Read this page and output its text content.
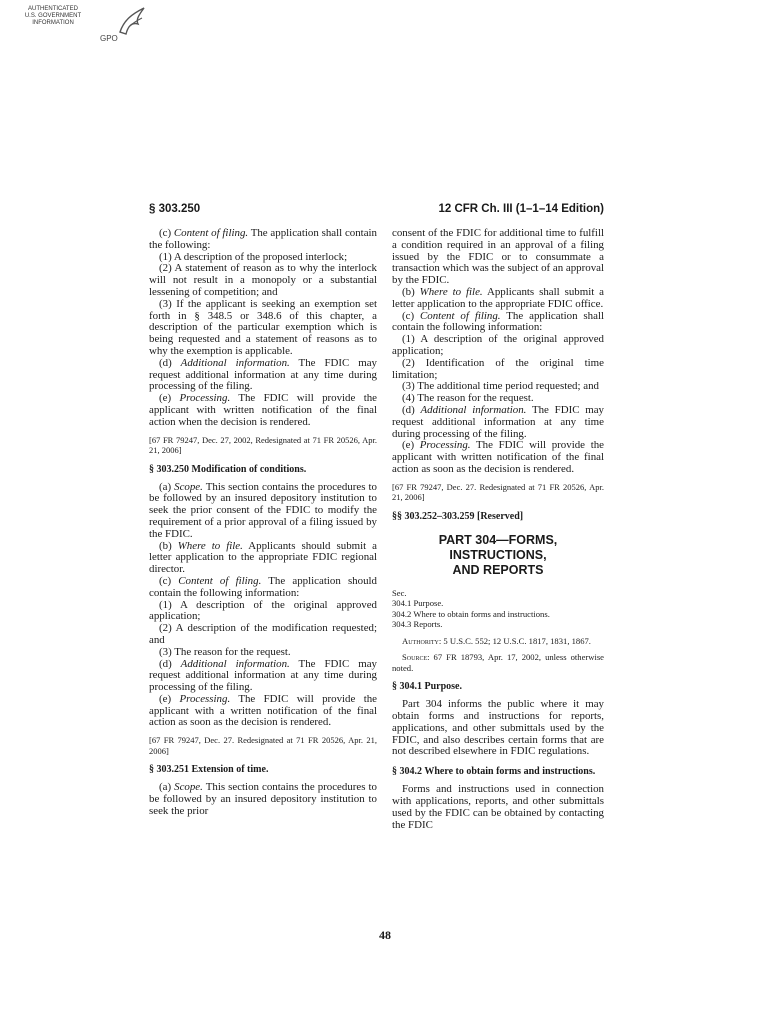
AUTHENTICATED
U.S. GOVERNMENT
INFORMATION
GPO
§ 303.250	12 CFR Ch. III (1–1–14 Edition)

(c) Content of filing. The application shall contain the following:

(1) A description of the proposed interlock;

(2) A statement of reason as to why the interlock will not result in a monopoly or a substantial lessening of competition; and

(3) If the applicant is seeking an exemption set forth in § 348.5 or 348.6 of this chapter, a description of the particular exemption which is being requested and a statement of reasons as to why the exemption is applicable.

(d) Additional information. The FDIC may request additional information at any time during processing of the filing.

(e) Processing. The FDIC will provide the applicant with written notification of the final action when the decision is rendered.

[67 FR 79247, Dec. 27, 2002, Redesignated at 71 FR 20526, Apr. 21, 2006]

§ 303.250 Modification of conditions.

(a) Scope. This section contains the procedures to be followed by an insured depository institution to seek the prior consent of the FDIC to modify the requirement of a prior approval of a filing issued by the FDIC.

(b) Where to file. Applicants should submit a letter application to the appropriate FDIC regional director.

(c) Content of filing. The application should contain the following information:

(1) A description of the original approved application;

(2) A description of the modification requested; and

(3) The reason for the request.

(d) Additional information. The FDIC may request additional information at any time during processing of the filing.

(e) Processing. The FDIC will provide the applicant with a written notification of the final action as soon as the decision is rendered.

[67 FR 79247, Dec. 27. Redesignated at 71 FR 20526, Apr. 21, 2006]

§ 303.251 Extension of time.

(a) Scope. This section contains the procedures to be followed by an insured depository institution to seek the prior

consent of the FDIC for additional time to fulfill a condition required in an approval of a filing issued by the FDIC or to consummate a transaction which was the subject of an approval by the FDIC.

(b) Where to file. Applicants shall submit a letter application to the appropriate FDIC office.

(c) Content of filing. The application shall contain the following information:

(1) A description of the original approved application;

(2) Identification of the original time limitation;

(3) The additional time period requested; and

(4) The reason for the request.

(d) Additional information. The FDIC may request additional information at any time during processing of the filing.

(e) Processing. The FDIC will provide the applicant with written notification of the final action as soon as the decision is rendered.

[67 FR 79247, Dec. 27. Redesignated at 71 FR 20526, Apr. 21, 2006]

§§ 303.252–303.259 [Reserved]

PART 304—FORMS, INSTRUCTIONS,
AND REPORTS

Sec.

304.1 Purpose.

304.2 Where to obtain forms and instructions.

304.3 Reports.

Authority: 5 U.S.C. 552; 12 U.S.C. 1817, 1831, 1867.

Source: 67 FR 18793, Apr. 17, 2002, unless otherwise noted.

§ 304.1 Purpose.

Part 304 informs the public where it may obtain forms and instructions for reports, applications, and other submittals used by the FDIC, and also describes certain forms that are not described elsewhere in FDIC regulations.

§ 304.2 Where to obtain forms and instructions.

Forms and instructions used in connection with applications, reports, and other submittals used by the FDIC can be obtained by contacting the FDIC

48
